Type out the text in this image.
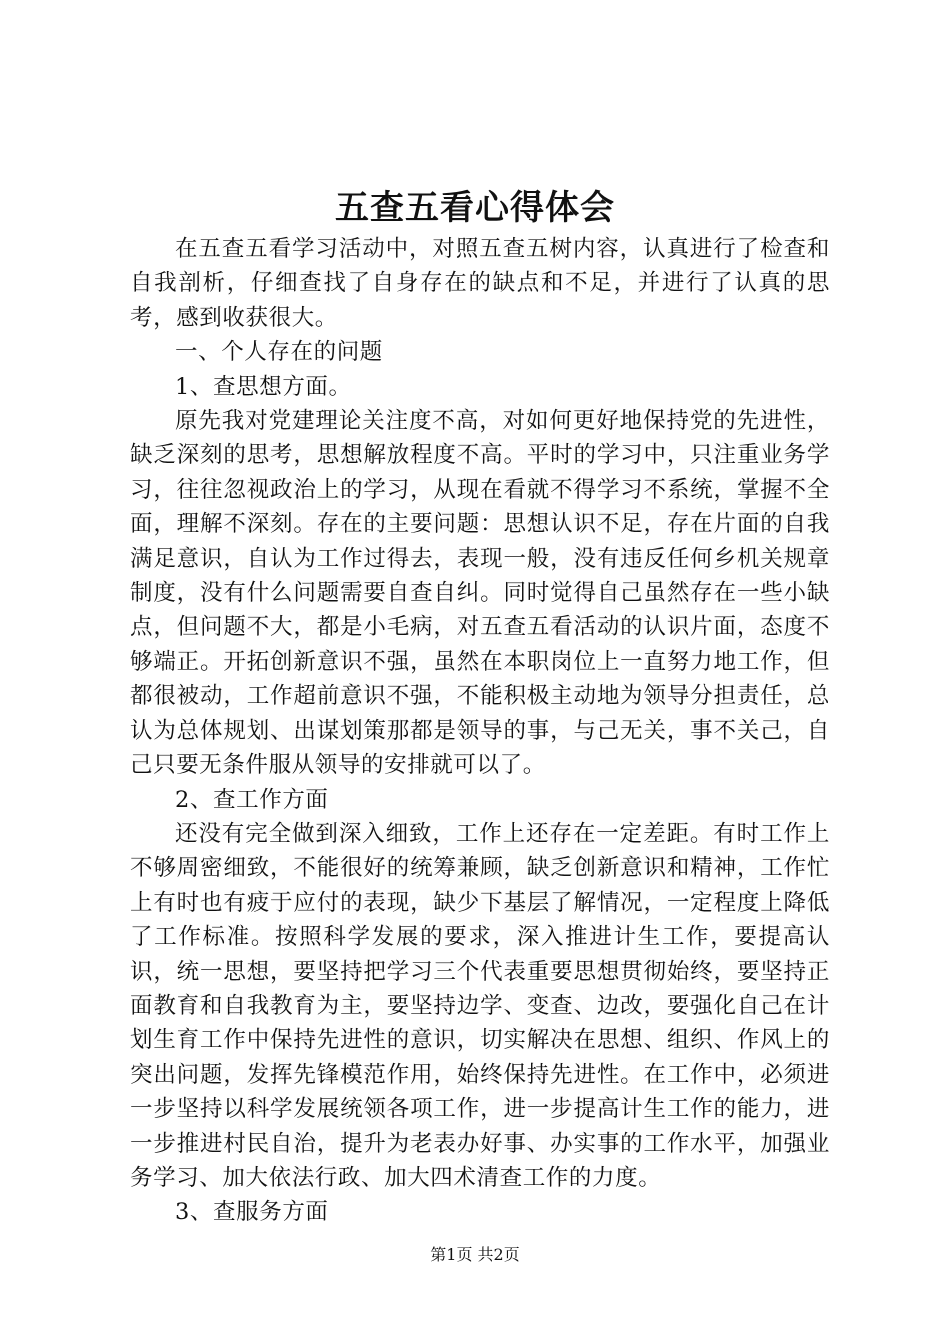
五查五看心得体会

在五查五看学习活动中，对照五查五树内容，认真进行了检查和自我剖析，仔细查找了自身存在的缺点和不足，并进行了认真的思考，感到收获很大。

一、个人存在的问题

1、查思想方面。

原先我对党建理论关注度不高，对如何更好地保持党的先进性，缺乏深刻的思考，思想解放程度不高。平时的学习中，只注重业务学习，往往忽视政治上的学习，从现在看就不得学习不系统，掌握不全面，理解不深刻。存在的主要问题：思想认识不足，存在片面的自我满足意识，自认为工作过得去，表现一般，没有违反任何乡机关规章制度，没有什么问题需要自查自纠。同时觉得自己虽然存在一些小缺点，但问题不大，都是小毛病，对五查五看活动的认识片面，态度不够端正。开拓创新意识不强，虽然在本职岗位上一直努力地工作，但都很被动，工作超前意识不强，不能积极主动地为领导分担责任，总认为总体规划、出谋划策那都是领导的事，与己无关，事不关己，自己只要无条件服从领导的安排就可以了。

2、查工作方面

还没有完全做到深入细致，工作上还存在一定差距。有时工作上不够周密细致，不能很好的统筹兼顾，缺乏创新意识和精神，工作忙上有时也有疲于应付的表现，缺少下基层了解情况，一定程度上降低了工作标准。按照科学发展的要求，深入推进计生工作，要提高认识，统一思想，要坚持把学习三个代表重要思想贯彻始终，要坚持正面教育和自我教育为主，要坚持边学、变查、边改，要强化自己在计划生育工作中保持先进性的意识，切实解决在思想、组织、作风上的突出问题，发挥先锋模范作用，始终保持先进性。在工作中，必须进一步坚持以科学发展统领各项工作，进一步提高计生工作的能力，进一步推进村民自治，提升为老表办好事、办实事的工作水平，加强业务学习、加大依法行政、加大四术清查工作的力度。

3、查服务方面

第1页 共2页
